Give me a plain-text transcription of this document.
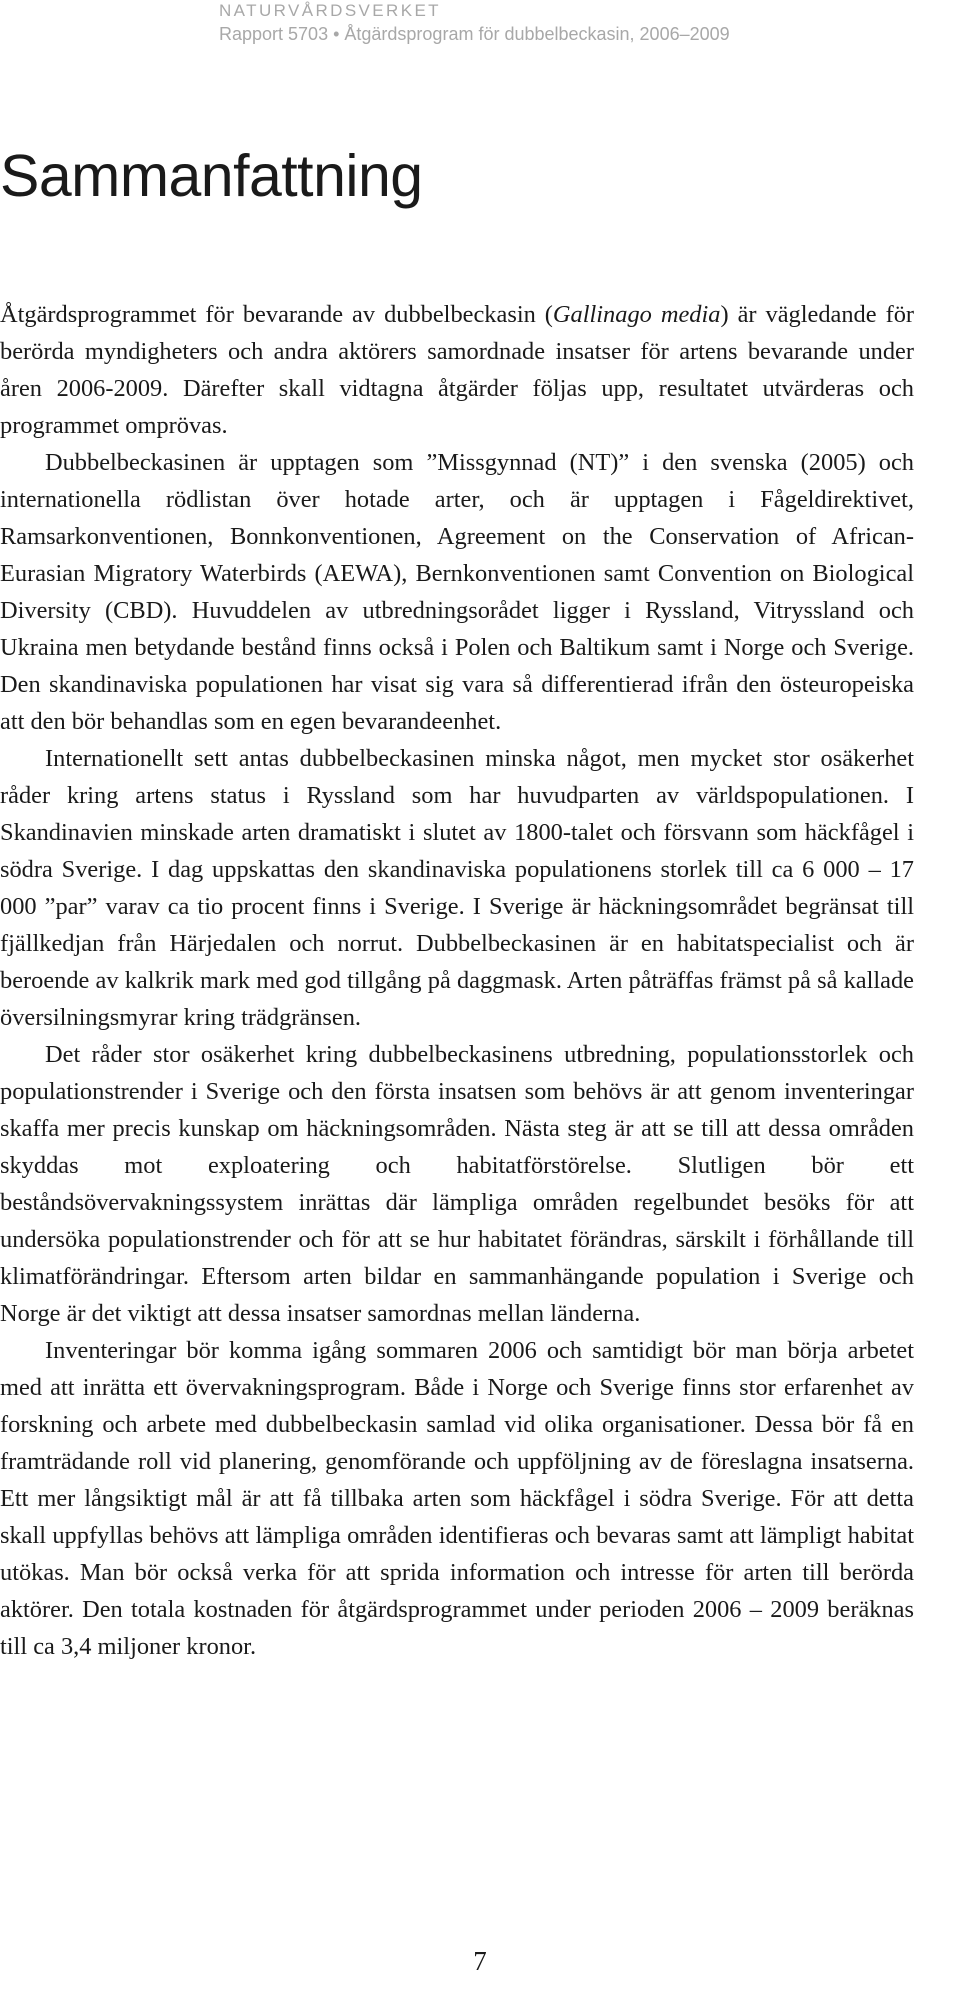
NATURVÅRDSVERKET
Rapport 5703 • Åtgärdsprogram för dubbelbeckasin, 2006–2009
Sammanfattning

Åtgärdsprogrammet för bevarande av dubbelbeckasin (Gallinago media) är vägledande för berörda myndigheters och andra aktörers samordnade insatser för artens bevarande under åren 2006-2009. Därefter skall vidtagna åtgärder följas upp, resultatet utvärderas och programmet omprövas.

Dubbelbeckasinen är upptagen som ”Missgynnad (NT)” i den svenska (2005) och internationella rödlistan över hotade arter, och är upptagen i Fågeldirektivet, Ramsarkonventionen, Bonnkonventionen, Agreement on the Conservation of African-Eurasian Migratory Waterbirds (AEWA), Bernkonventionen samt Convention on Biological Diversity (CBD). Huvuddelen av utbredningsorådet ligger i Ryssland, Vitryssland och Ukraina men betydande bestånd finns också i Polen och Baltikum samt i Norge och Sverige. Den skandinaviska populationen har visat sig vara så differentierad ifrån den östeuropeiska att den bör behandlas som en egen bevarandeenhet.

Internationellt sett antas dubbelbeckasinen minska något, men mycket stor osäkerhet råder kring artens status i Ryssland som har huvudparten av världspopulationen. I Skandinavien minskade arten dramatiskt i slutet av 1800-talet och försvann som häckfågel i södra Sverige. I dag uppskattas den skandinaviska populationens storlek till ca 6 000 – 17 000 ”par” varav ca tio procent finns i Sverige. I Sverige är häckningsområdet begränsat till fjällkedjan från Härjedalen och norrut. Dubbelbeckasinen är en habitatspecialist och är beroende av kalkrik mark med god tillgång på daggmask. Arten påträffas främst på så kallade översilningsmyrar kring trädgränsen.

Det råder stor osäkerhet kring dubbelbeckasinens utbredning, populationsstorlek och populationstrender i Sverige och den första insatsen som behövs är att genom inventeringar skaffa mer precis kunskap om häckningsområden. Nästa steg är att se till att dessa områden skyddas mot exploatering och habitatförstörelse. Slutligen bör ett beståndsövervakningssystem inrättas där lämpliga områden regelbundet besöks för att undersöka populationstrender och för att se hur habitatet förändras, särskilt i förhållande till klimatförändringar. Eftersom arten bildar en sammanhängande population i Sverige och Norge är det viktigt att dessa insatser samordnas mellan länderna.

Inventeringar bör komma igång sommaren 2006 och samtidigt bör man börja arbetet med att inrätta ett övervakningsprogram. Både i Norge och Sverige finns stor erfarenhet av forskning och arbete med dubbelbeckasin samlad vid olika organisationer. Dessa bör få en framträdande roll vid planering, genomförande och uppföljning av de föreslagna insatserna. Ett mer långsiktigt mål är att få tillbaka arten som häckfågel i södra Sverige. För att detta skall uppfyllas behövs att lämpliga områden identifieras och bevaras samt att lämpligt habitat utökas. Man bör också verka för att sprida information och intresse för arten till berörda aktörer. Den totala kostnaden för åtgärdsprogrammet under perioden 2006 – 2009 beräknas till ca 3,4 miljoner kronor.

7
